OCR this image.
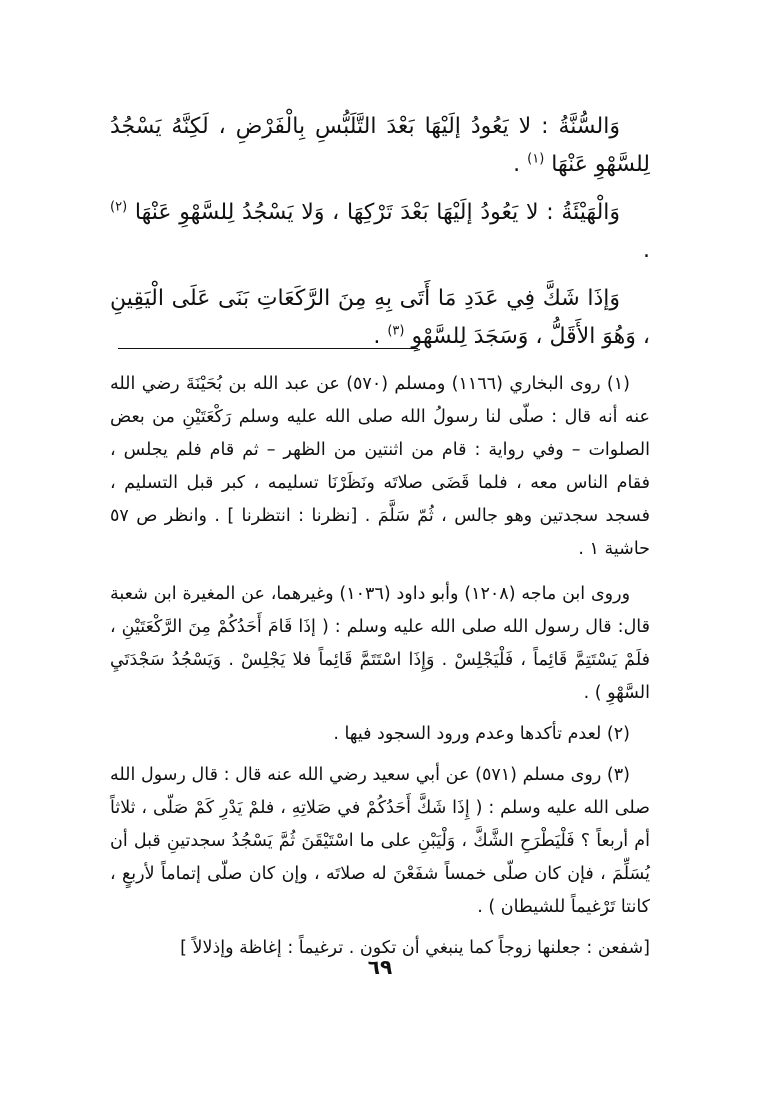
وَالسُّنَّةُ : لا يَعُودُ إلَيْهَا بَعْدَ التَّلَبُّسِ بِالْفَرْضِ ، لَكِنَّهُ يَسْجُدُ لِلسَّهْوِ عَنْهَا $^{(١)}$ .

وَالْهَيْئَةُ : لا يَعُودُ إلَيْهَا بَعْدَ تَرْكِهَا ، وَلا يَسْجُدُ لِلسَّهْوِ عَنْهَا $^{(٢)}$ .

وَإذَا شَكَّ فِي عَدَدِ مَا أَتَى بِهِ مِنَ الرَّكَعَاتِ بَنَى عَلَى الْيَقِينِ ، وَهُوَ الأَقَلُّ ، وَسَجَدَ لِلسَّهْوِ $^{(٣)}$ .

(١) روى البخاري (١١٦٦) ومسلم (٥٧٠) عن عبد الله بن بُحَيْنَةَ رضي الله عنه أنه قال : صلّى لنا رسولُ الله صلى الله عليه وسلم رَكْعَتَيْنِ من بعض الصلوات – وفي رواية : قام من اثنتين من الظهر – ثم قام فلم يجلس ، فقام الناس معه ، فلما قَضَى صلاتَه ونَظَرْنَا تسليمه ، كبر قبل التسليم ، فسجد سجدتين وهو جالس ، ثُمّ سَلَّمَ . [نظرنا : انتظرنا ] . وانظر ص ٥٧ حاشية ١ .

وروى ابن ماجه (١٢٠٨) وأبو داود (١٠٣٦) وغيرهما، عن المغيرة ابن شعبة قال: قال رسول الله صلى الله عليه وسلم : ( إذَا قَامَ أَحَدُكُمْ مِنَ الرَّكْعَتَيْنِ ، فلَمْ يَسْتَتِمَّ قَائِماً ، فَلْيَجْلِسْ . وَإِذَا اسْتَتَمَّ قَائِماً فلا يَجْلِسْ . وَيَسْجُدُ سَجْدَتَيِ السَّهْوِ ) .

(٢) لعدم تأكدها وعدم ورود السجود فيها .

(٣) روى مسلم (٥٧١) عن أبي سعيد رضي الله عنه قال : قال رسول الله صلى الله عليه وسلم : ( إِذَا شَكَّ أَحَدُكُمْ في صَلاتِهِ ، فلمْ يَدْرِ كَمْ صَلّى ، ثلاثاً أم أربعاً ؟ فَلْيَطْرَحِ الشَّكَّ ، وَلْيَبْنِ على ما اسْتَيْقَنَ ثُمَّ يَسْجُدُ سجدتينِ قبل أن يُسَلِّمَ ، فإن كان صلّى خمساً شفَعْنَ له صلاتَه ، وإن كان صلّى إتماماً لأربعٍ ، كانتا تَرْغيماً للشيطان ) .

[شفعن : جعلنها زوجاً كما ينبغي أن تكون . ترغيماً : إغاظة وإذلالاً ]

٦٩
